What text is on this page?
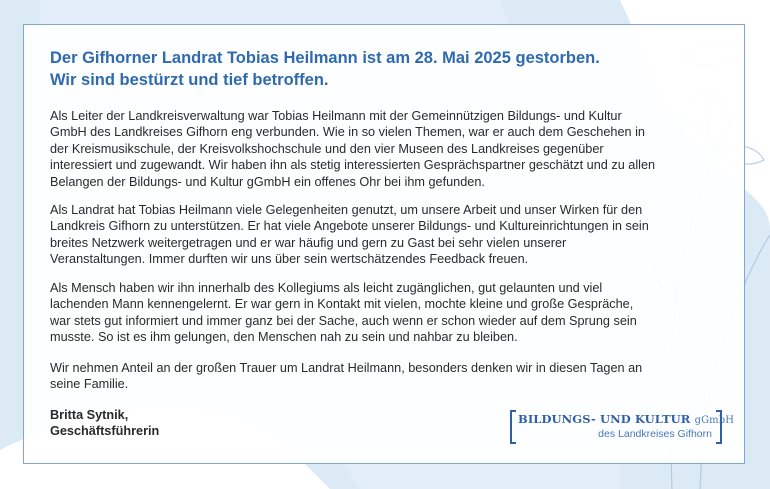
Der Gifhorner Landrat Tobias Heilmann ist am 28. Mai 2025 gestorben.
Wir sind bestürzt und tief betroffen.
Als Leiter der Landkreisverwaltung war Tobias Heilmann mit der Gemeinnützigen Bildungs- und Kultur
GmbH des Landkreises Gifhorn eng verbunden. Wie in so vielen Themen, war er auch dem Geschehen in
der Kreismusikschule, der Kreisvolkshochschule und den vier Museen des Landkreises gegenüber
interessiert und zugewandt. Wir haben ihn als stetig interessierten Gesprächspartner geschätzt und zu allen
Belangen der Bildungs- und Kultur gGmbH ein offenes Ohr bei ihm gefunden.
Als Landrat hat Tobias Heilmann viele Gelegenheiten genutzt, um unsere Arbeit und unser Wirken für den
Landkreis Gifhorn zu unterstützen. Er hat viele Angebote unserer Bildungs- und Kultureinrichtungen in sein
breites Netzwerk weitergetragen und er war häufig und gern zu Gast bei sehr vielen unserer
Veranstaltungen. Immer durften wir uns über sein wertschätzendes Feedback freuen.
Als Mensch haben wir ihn innerhalb des Kollegiums als leicht zugänglichen, gut gelaunten und viel
lachenden Mann kennengelernt. Er war gern in Kontakt mit vielen, mochte kleine und große Gespräche,
war stets gut informiert und immer ganz bei der Sache, auch wenn er schon wieder auf dem Sprung sein
musste. So ist es ihm gelungen, den Menschen nah zu sein und nahbar zu bleiben.
Wir nehmen Anteil an der großen Trauer um Landrat Heilmann, besonders denken wir in diesen Tagen an
seine Familie.
Britta Sytnik,
Geschäftsführerin
BILDUNGS- UND KULTUR gGmbH
des Landkreises Gifhorn
